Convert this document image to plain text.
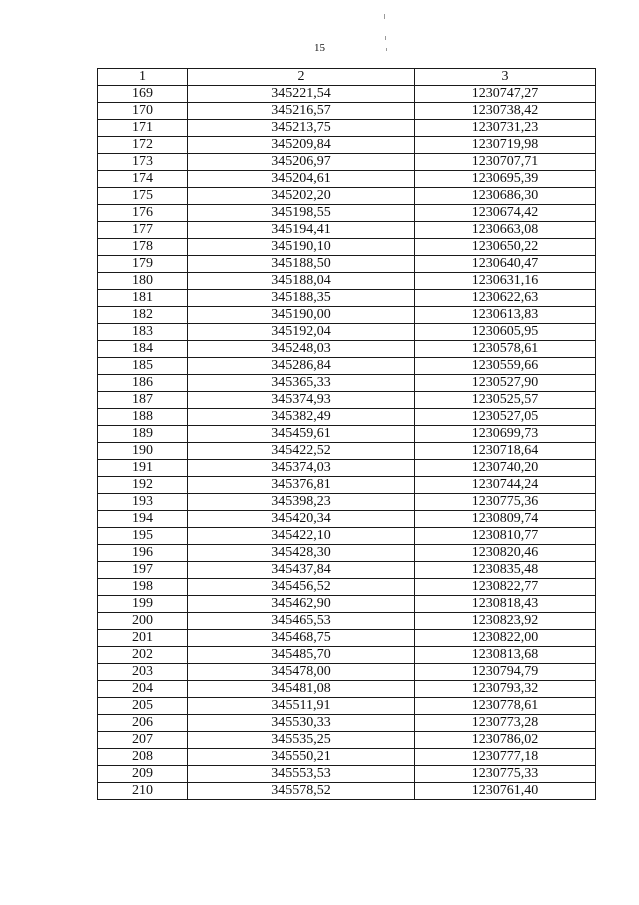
15
1	2	3
169	345221,54	1230747,27
170	345216,57	1230738,42
171	345213,75	1230731,23
172	345209,84	1230719,98
173	345206,97	1230707,71
174	345204,61	1230695,39
175	345202,20	1230686,30
176	345198,55	1230674,42
177	345194,41	1230663,08
178	345190,10	1230650,22
179	345188,50	1230640,47
180	345188,04	1230631,16
181	345188,35	1230622,63
182	345190,00	1230613,83
183	345192,04	1230605,95
184	345248,03	1230578,61
185	345286,84	1230559,66
186	345365,33	1230527,90
187	345374,93	1230525,57
188	345382,49	1230527,05
189	345459,61	1230699,73
190	345422,52	1230718,64
191	345374,03	1230740,20
192	345376,81	1230744,24
193	345398,23	1230775,36
194	345420,34	1230809,74
195	345422,10	1230810,77
196	345428,30	1230820,46
197	345437,84	1230835,48
198	345456,52	1230822,77
199	345462,90	1230818,43
200	345465,53	1230823,92
201	345468,75	1230822,00
202	345485,70	1230813,68
203	345478,00	1230794,79
204	345481,08	1230793,32
205	345511,91	1230778,61
206	345530,33	1230773,28
207	345535,25	1230786,02
208	345550,21	1230777,18
209	345553,53	1230775,33
210	345578,52	1230761,40
